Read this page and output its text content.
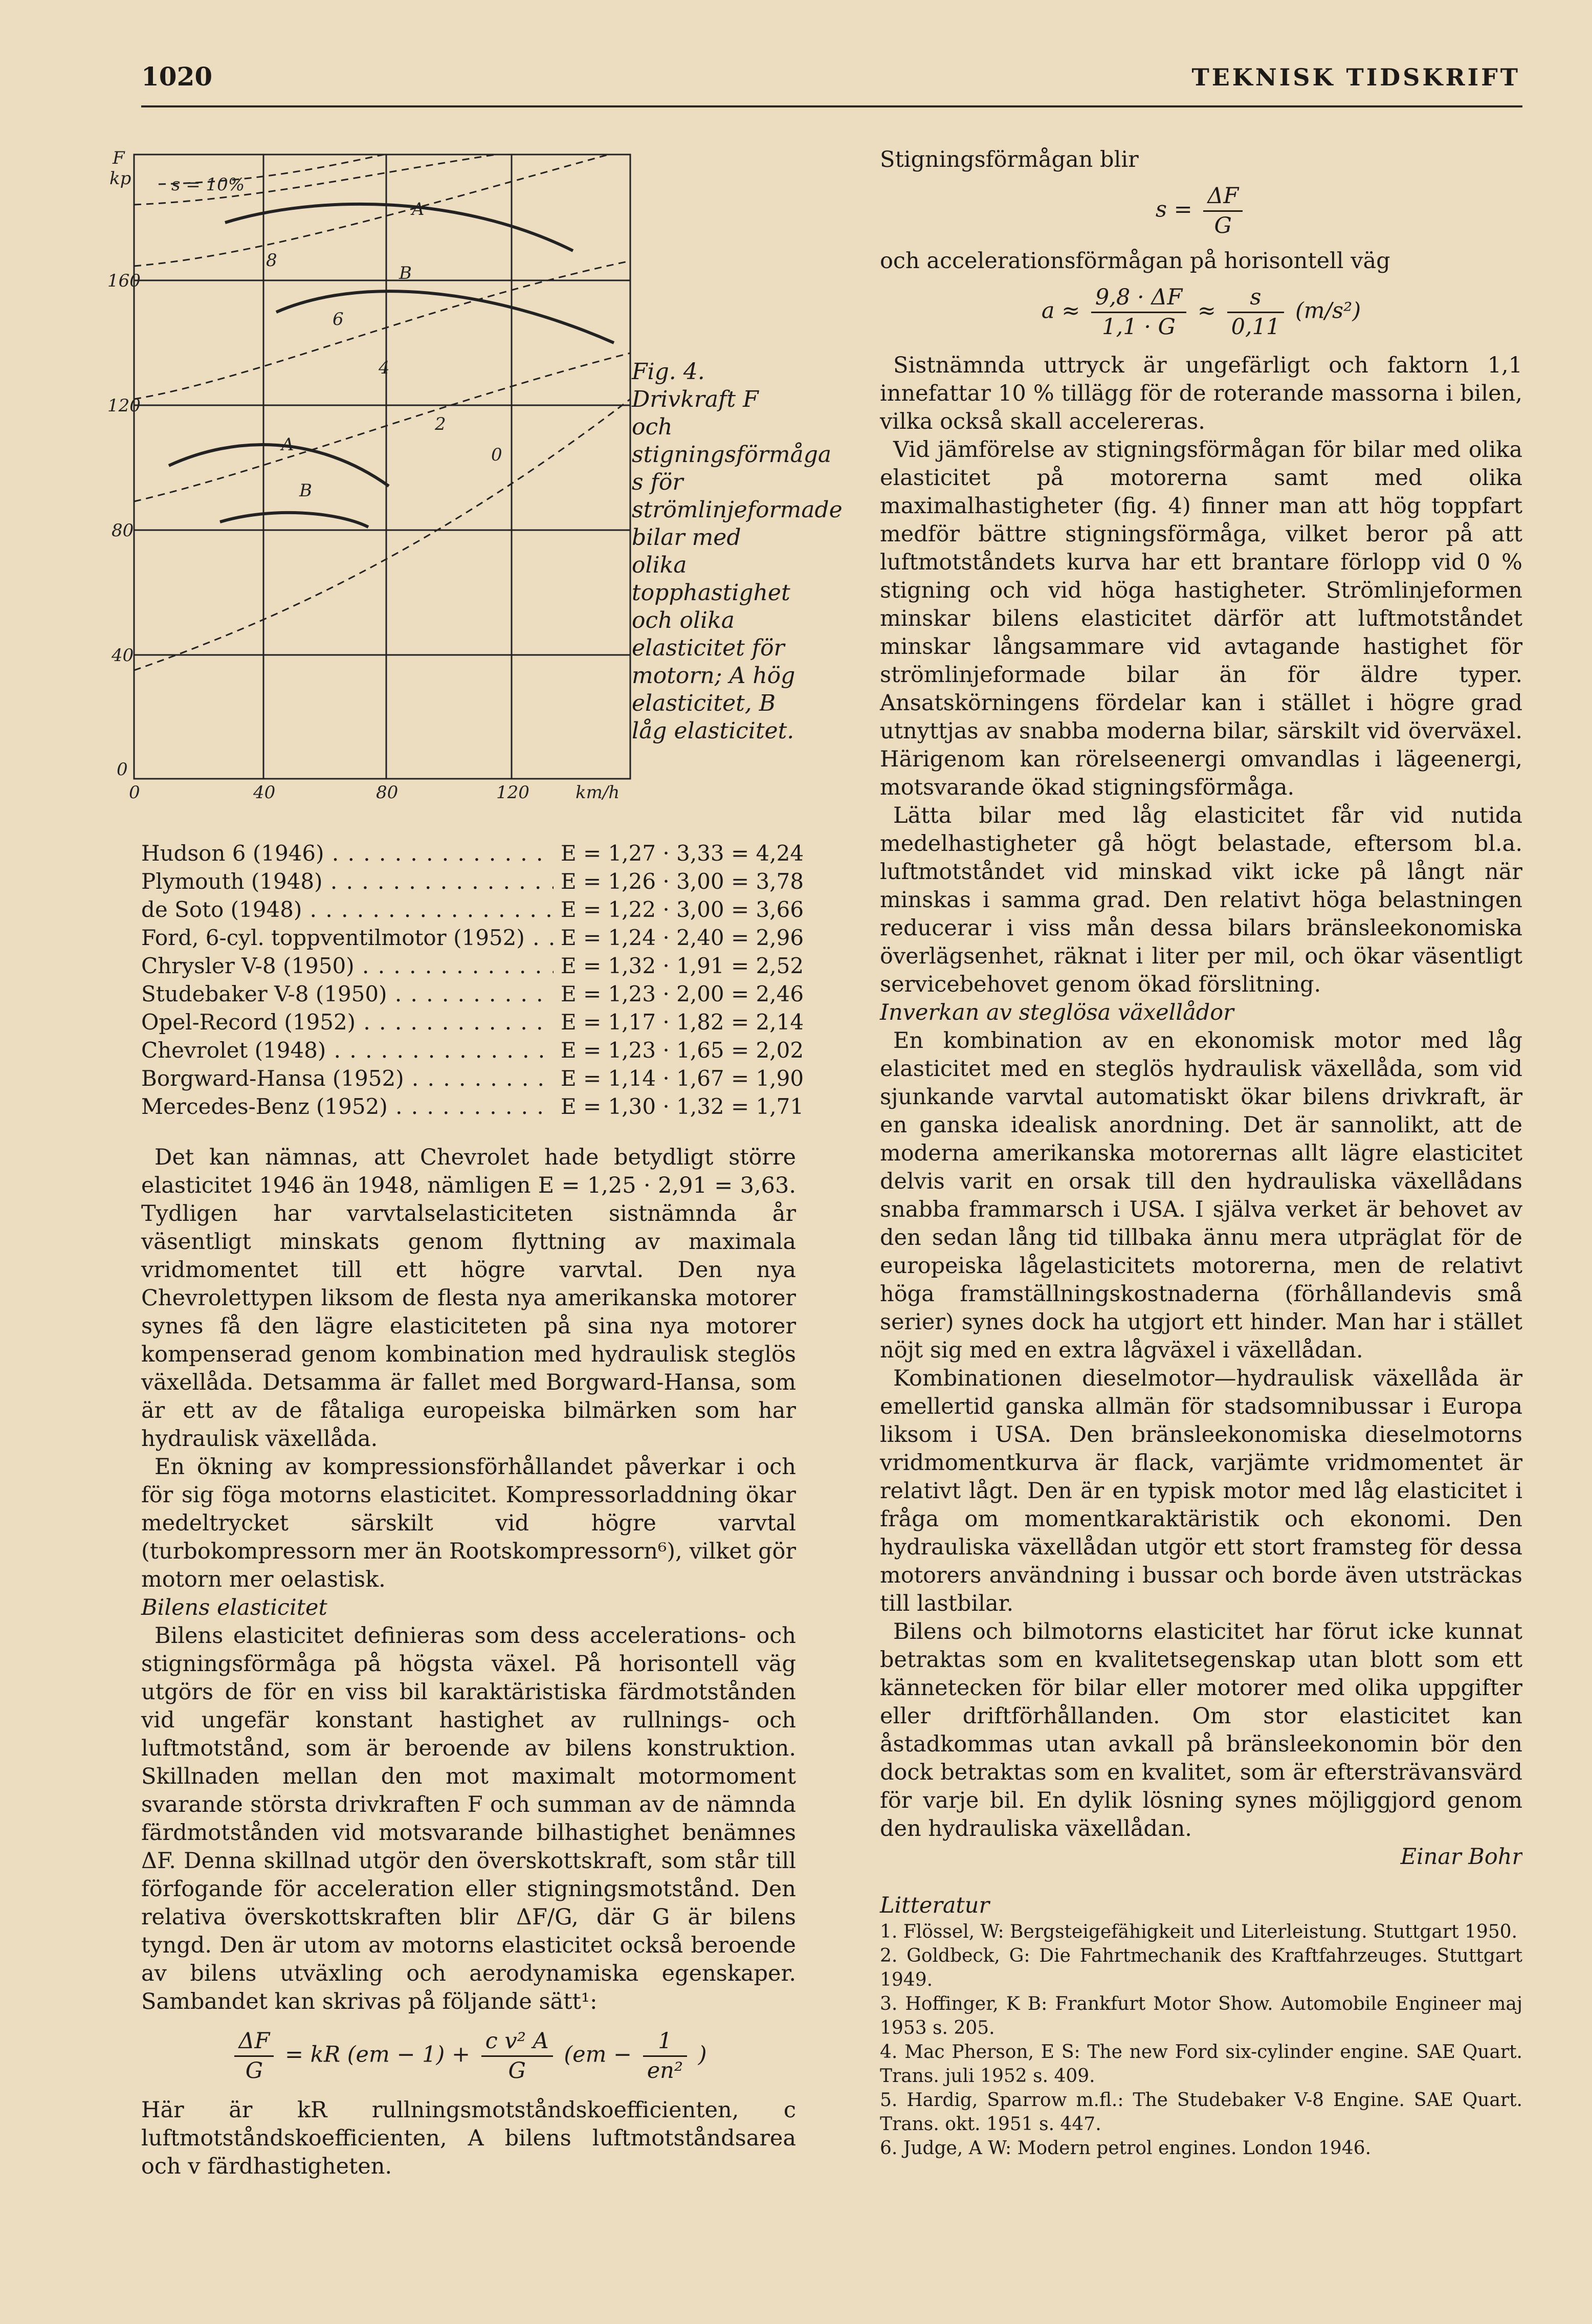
1020	TEKNISK TIDSKRIFT
F
kp
160
120
80
40
0
0	40	80	120	km/h
s = 10%
8
6
4
2
0
A
B
A
B
Fig. 4. Drivkraft F och stigningsförmåga s för strömlinjeformade bilar med olika topphastighet och olika elasticitet för motorn; A hög elasticitet, B låg elasticitet.
Hudson 6 (1946) . . .	E = 1,27 · 3,33 = 4,24
Plymouth (1948) . . .	E = 1,26 · 3,00 = 3,78
de Soto (1948) . . .	E = 1,22 · 3,00 = 3,66
Ford, 6-cyl. toppventilmotor (1952) . . .	E = 1,24 · 2,40 = 2,96
Chrysler V-8 (1950) . . .	E = 1,32 · 1,91 = 2,52
Studebaker V-8 (1950) . . .	E = 1,23 · 2,00 = 2,46
Opel-Record (1952) . . .	E = 1,17 · 1,82 = 2,14
Chevrolet (1948) . . .	E = 1,23 · 1,65 = 2,02
Borgward-Hansa (1952) . . .	E = 1,14 · 1,67 = 1,90
Mercedes-Benz (1952) . . .	E = 1,30 · 1,32 = 1,71

Det kan nämnas, att Chevrolet hade betydligt större elasticitet 1946 än 1948, nämligen E = 1,25 · 2,91 = 3,63. Tydligen har varvtalselasticiteten sistnämnda år väsentligt minskats genom flyttning av maximala vridmomentet till ett högre varvtal. Den nya Chevrolettypen liksom de flesta nya amerikanska motorer synes få den lägre elasticiteten på sina nya motorer kompenserad genom kombination med hydraulisk steglös växellåda. Detsamma är fallet med Borgward-Hansa, som är ett av de fåtaliga europeiska bilmärken som har hydraulisk växellåda.

En ökning av kompressionsförhållandet påverkar i och för sig föga motorns elasticitet. Kompressorladdning ökar medeltrycket särskilt vid högre varvtal (turbokompressorn mer än Rootskompressorn⁶), vilket gör motorn mer oelastisk.

Bilens elasticitet

Bilens elasticitet definieras som dess accelerations- och stigningsförmåga på högsta växel. På horisontell väg utgörs de för en viss bil karaktäristiska färdmotstånden vid ungefär konstant hastighet av rullnings- och luftmotstånd, som är beroende av bilens konstruktion. Skillnaden mellan den mot maximalt motormoment svarande största drivkraften F och summan av de nämnda färdmotstånden vid motsvarande bilhastighet benämnes ΔF. Denna skillnad utgör den överskottskraft, som står till förfogande för acceleration eller stigningsmotstånd. Den relativa överskottskraften blir ΔF/G, där G är bilens tyngd. Den är utom av motorns elasticitet också beroende av bilens utväxling och aerodynamiska egenskaper. Sambandet kan skrivas på följande sätt¹:

$\frac{\Delta F}{G}$ = kR $(em - 1) + \frac{\text{c v² A}}{G} (em - \frac{1}{\text{en²}}$ )

Här är kR rullningsmotståndskoefficienten, c luftmotståndskoefficienten, A bilens luftmotståndsarea och v färdhastigheten.

Stigningsförmågan blir

$s = \frac{\Delta F}{G}$

och accelerationsförmågan på horisontell väg

$a \approx \frac{9,8 \cdot \Delta F}{1,1 \cdot G} \approx \frac{s}{0,11} (m/s^2)$

Sistnämnda uttryck är ungefärligt och faktorn 1,1 innefattar 10 % tillägg för de roterande massorna i bilen, vilka också skall accelereras.

Vid jämförelse av stigningsförmågan för bilar med olika elasticitet på motorerna samt med olika maximalhastigheter (fig. 4) finner man att hög toppfart medför bättre stigningsförmåga, vilket beror på att luftmotståndets kurva har ett brantare förlopp vid 0 % stigning och vid höga hastigheter. Strömlinjeformen minskar bilens elasticitet därför att luftmotståndet minskar långsammare vid avtagande hastighet för strömlinjeformade bilar än för äldre typer. Ansatskörningens fördelar kan i stället i högre grad utnyttjas av snabba moderna bilar, särskilt vid överväxel. Härigenom kan rörelseenergi omvandlas i lägeenergi, motsvarande ökad stigningsförmåga.

Lätta bilar med låg elasticitet får vid nutida medelhastigheter gå högt belastade, eftersom bl.a. luftmotståndet vid minskad vikt icke på långt när minskas i samma grad. Den relativt höga belastningen reducerar i viss mån dessa bilars bränsleekonomiska överlägsenhet, räknat i liter per mil, och ökar väsentligt servicebehovet genom ökad förslitning.

Inverkan av steglösa växellådor

En kombination av en ekonomisk motor med låg elasticitet med en steglös hydraulisk växellåda, som vid sjunkande varvtal automatiskt ökar bilens drivkraft, är en ganska idealisk anordning. Det är sannolikt, att de moderna amerikanska motorernas allt lägre elasticitet delvis varit en orsak till den hydrauliska växellådans snabba frammarsch i USA. I själva verket är behovet av den sedan lång tid tillbaka ännu mera utpräglat för de europeiska lågelasticitets motorerna, men de relativt höga framställningskostnaderna (förhållandevis små serier) synes dock ha utgjort ett hinder. Man har i stället nöjt sig med en extra lågväxel i växellådan.

Kombinationen dieselmotor—hydraulisk växellåda är emellertid ganska allmän för stadsomnibussar i Europa liksom i USA. Den bränsleekonomiska dieselmotorns vridmomentkurva är flack, varjämte vridmomentet är relativt lågt. Den är en typisk motor med låg elasticitet i fråga om momentkaraktäristik och ekonomi. Den hydrauliska växellådan utgör ett stort framsteg för dessa motorers användning i bussar och borde även utsträckas till lastbilar.

Bilens och bilmotorns elasticitet har förut icke kunnat betraktas som en kvalitetsegenskap utan blott som ett kännetecken för bilar eller motorer med olika uppgifter eller driftförhållanden. Om stor elasticitet kan åstadkommas utan avkall på bränsleekonomin bör den dock betraktas som en kvalitet, som är eftersträvansvärd för varje bil. En dylik lösning synes möjliggjord genom den hydrauliska växellådan.

Einar Bohr

Litteratur

1. Flössel, W: Bergsteigefähigkeit und Literleistung. Stuttgart 1950.

2. Goldbeck, G: Die Fahrtmechanik des Kraftfahrzeuges. Stuttgart 1949.

3. Hoffinger, K B: Frankfurt Motor Show. Automobile Engineer maj 1953 s. 205.

4. Mac Pherson, E S: The new Ford six-cylinder engine. SAE Quart. Trans. juli 1952 s. 409.

5. Hardig, Sparrow m.fl.: The Studebaker V-8 Engine. SAE Quart. Trans. okt. 1951 s. 447.

6. Judge, A W: Modern petrol engines. London 1946.
